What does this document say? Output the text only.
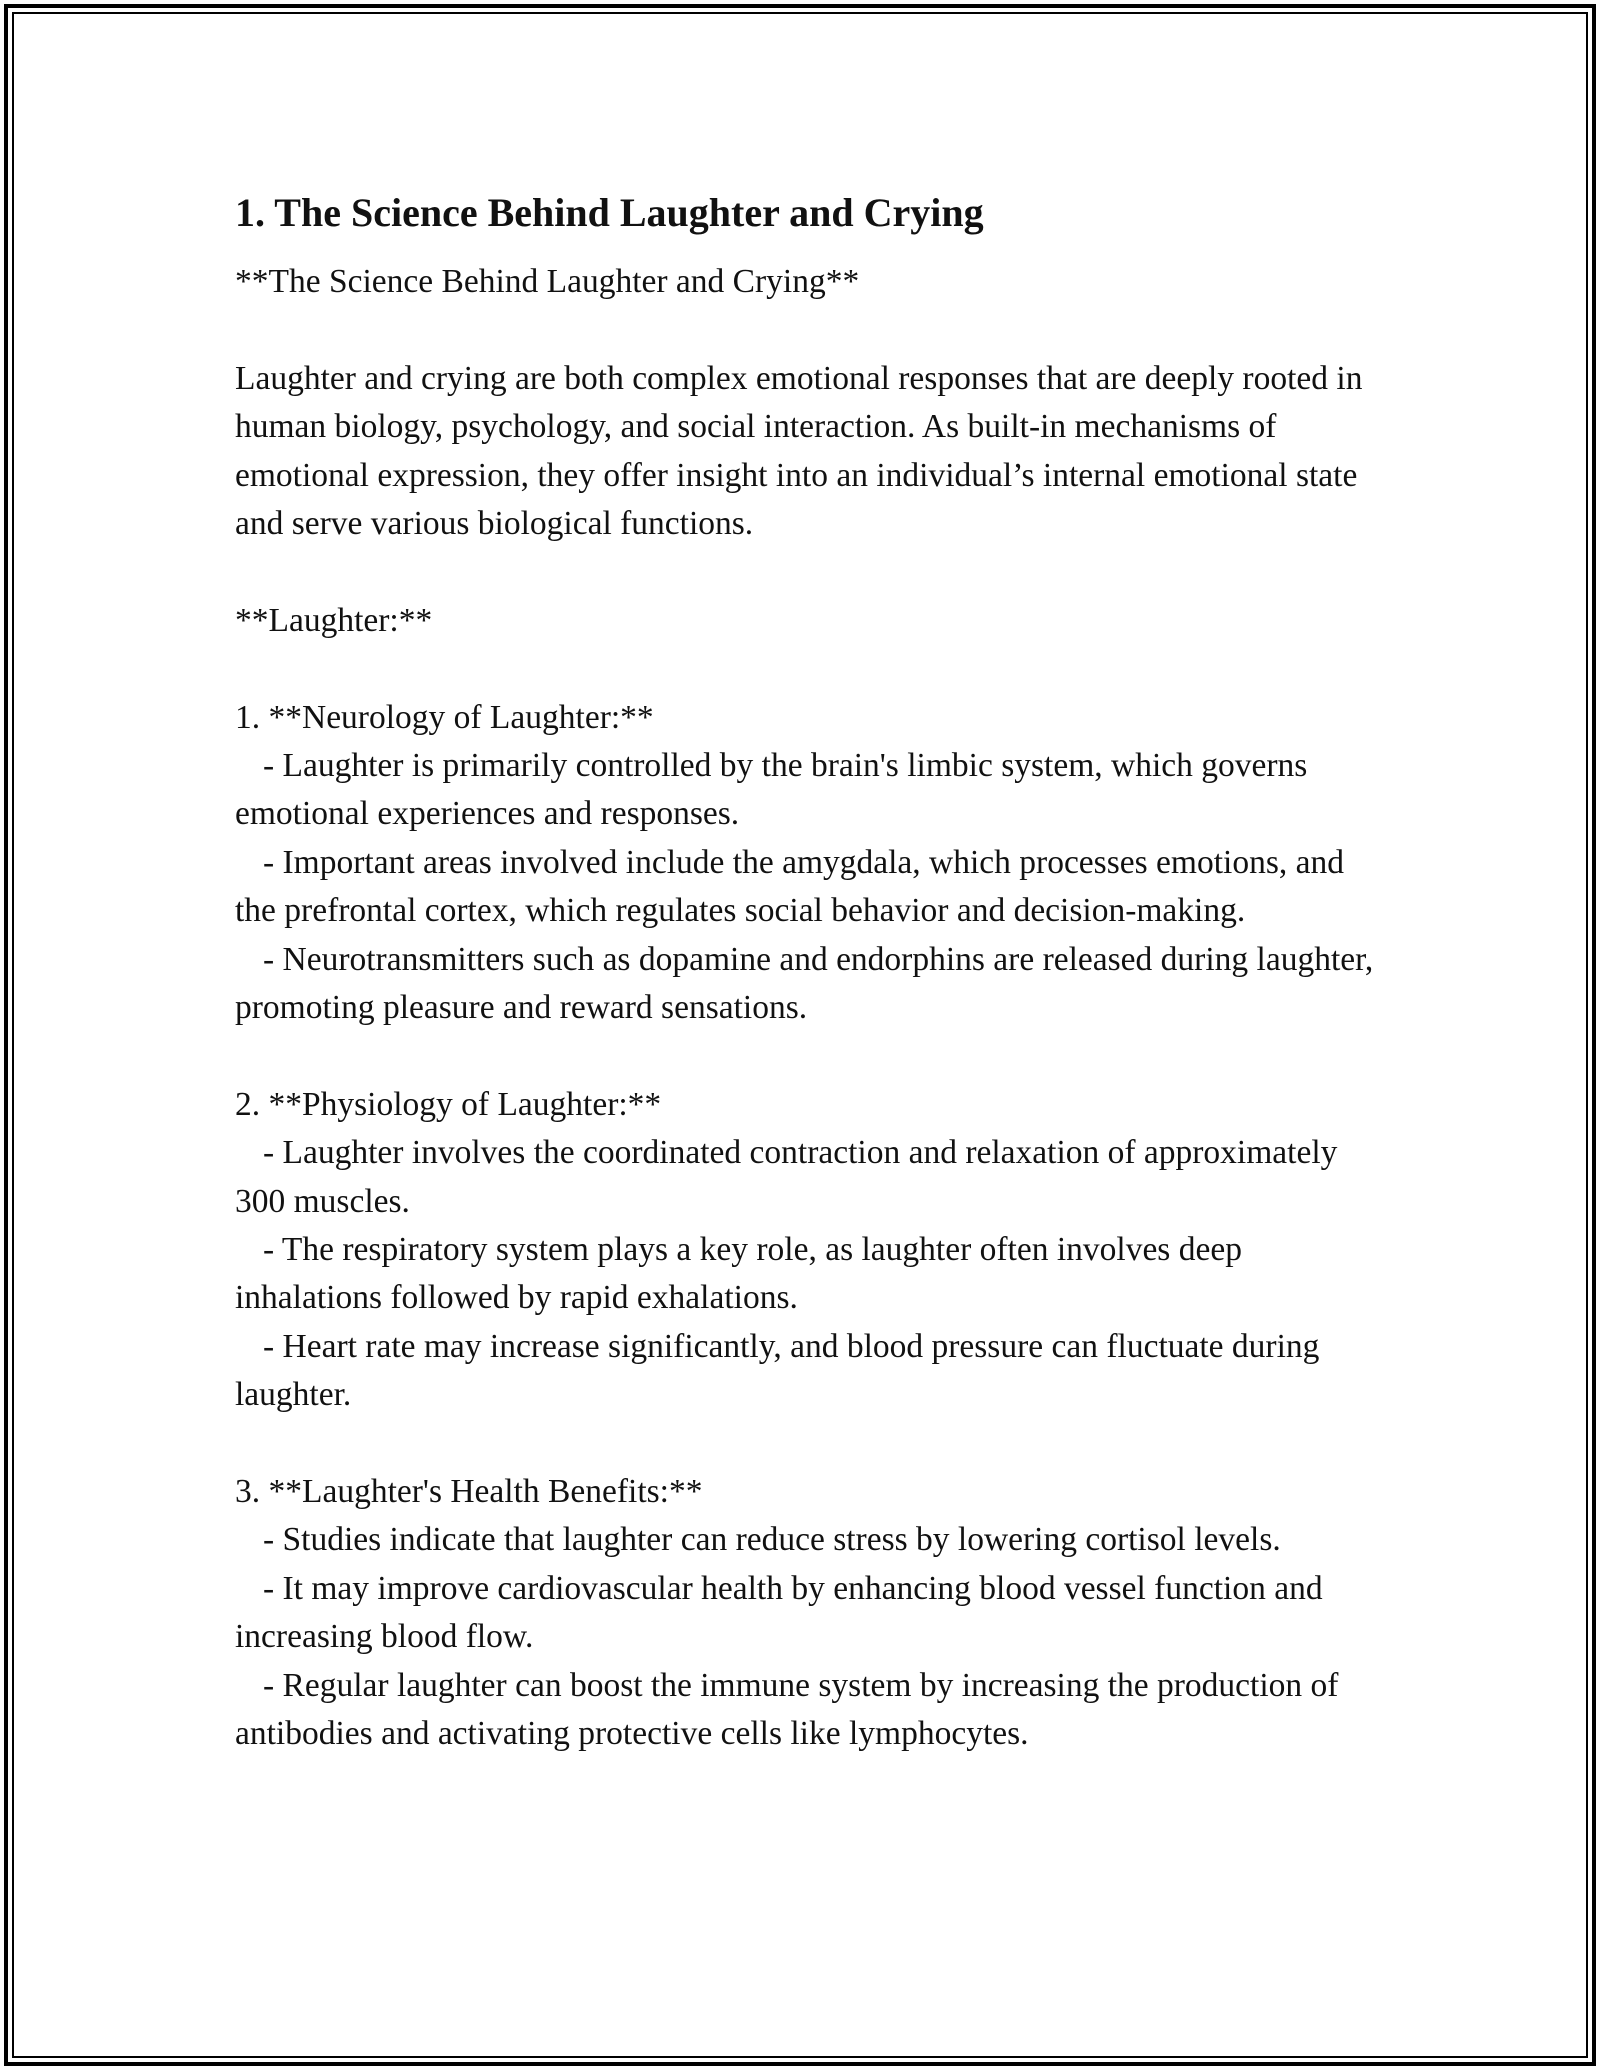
1. The Science Behind Laughter and Crying

**The Science Behind Laughter and Crying**

Laughter and crying are both complex emotional responses that are deeply rooted in human biology, psychology, and social interaction. As built-in mechanisms of emotional expression, they offer insight into an individual’s internal emotional state and serve various biological functions.

**Laughter:**

1. **Neurology of Laughter:**

- Laughter is primarily controlled by the brain's limbic system, which governs emotional experiences and responses.

- Important areas involved include the amygdala, which processes emotions, and the prefrontal cortex, which regulates social behavior and decision-making.

- Neurotransmitters such as dopamine and endorphins are released during laughter, promoting pleasure and reward sensations.

2. **Physiology of Laughter:**

- Laughter involves the coordinated contraction and relaxation of approximately 300 muscles.

- The respiratory system plays a key role, as laughter often involves deep inhalations followed by rapid exhalations.

- Heart rate may increase significantly, and blood pressure can fluctuate during laughter.

3. **Laughter's Health Benefits:**

- Studies indicate that laughter can reduce stress by lowering cortisol levels.

- It may improve cardiovascular health by enhancing blood vessel function and increasing blood flow.

- Regular laughter can boost the immune system by increasing the production of antibodies and activating protective cells like lymphocytes.
